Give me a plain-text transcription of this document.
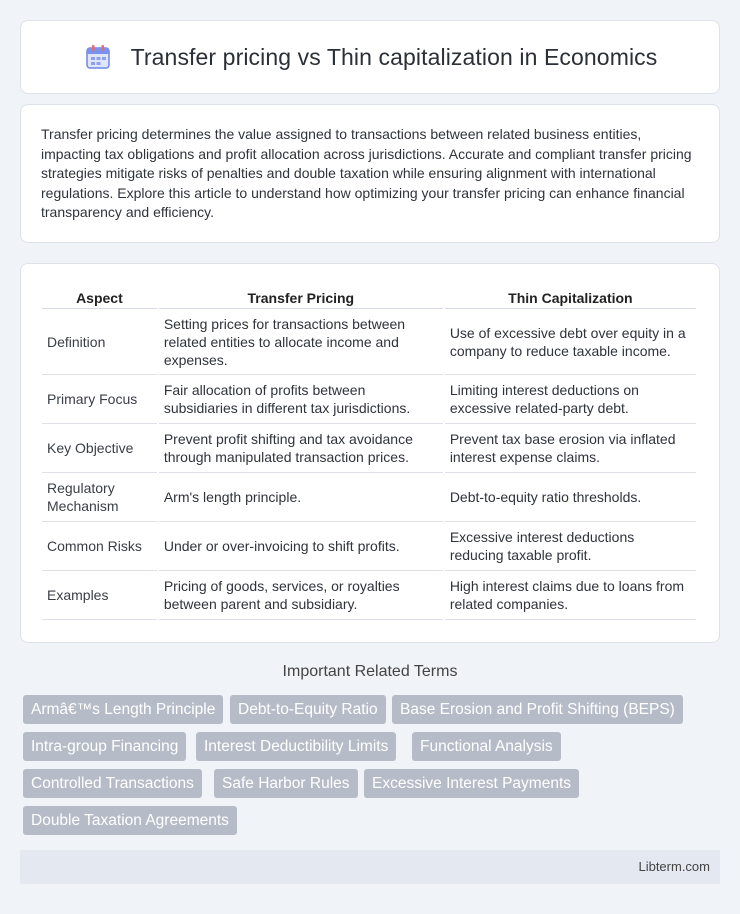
Transfer pricing vs Thin capitalization in Economics

Transfer pricing determines the value assigned to transactions between related business entities, impacting tax obligations and profit allocation across jurisdictions. Accurate and compliant transfer pricing strategies mitigate risks of penalties and double taxation while ensuring alignment with international regulations. Explore this article to understand how optimizing your transfer pricing can enhance financial transparency and efficiency.

Aspect	Transfer Pricing	Thin Capitalization
Definition	Setting prices for transactions between related entities to allocate income and expenses.	Use of excessive debt over equity in a company to reduce taxable income.
Primary Focus	Fair allocation of profits between subsidiaries in different tax jurisdictions.	Limiting interest deductions on excessive related-party debt.
Key Objective	Prevent profit shifting and tax avoidance through manipulated transaction prices.	Prevent tax base erosion via inflated interest expense claims.
Regulatory Mechanism	Arm's length principle.	Debt-to-equity ratio thresholds.
Common Risks	Under or over-invoicing to shift profits.	Excessive interest deductions reducing taxable profit.
Examples	Pricing of goods, services, or royalties between parent and subsidiary.	High interest claims due to loans from related companies.
Important Related Terms
Armâ€™s Length Principle	Debt-to-Equity Ratio	Base Erosion and Profit Shifting (BEPS)
Intra-group Financing	Interest Deductibility Limits	Functional Analysis
Controlled Transactions	Safe Harbor Rules	Excessive Interest Payments
Double Taxation Agreements
Libterm.com
